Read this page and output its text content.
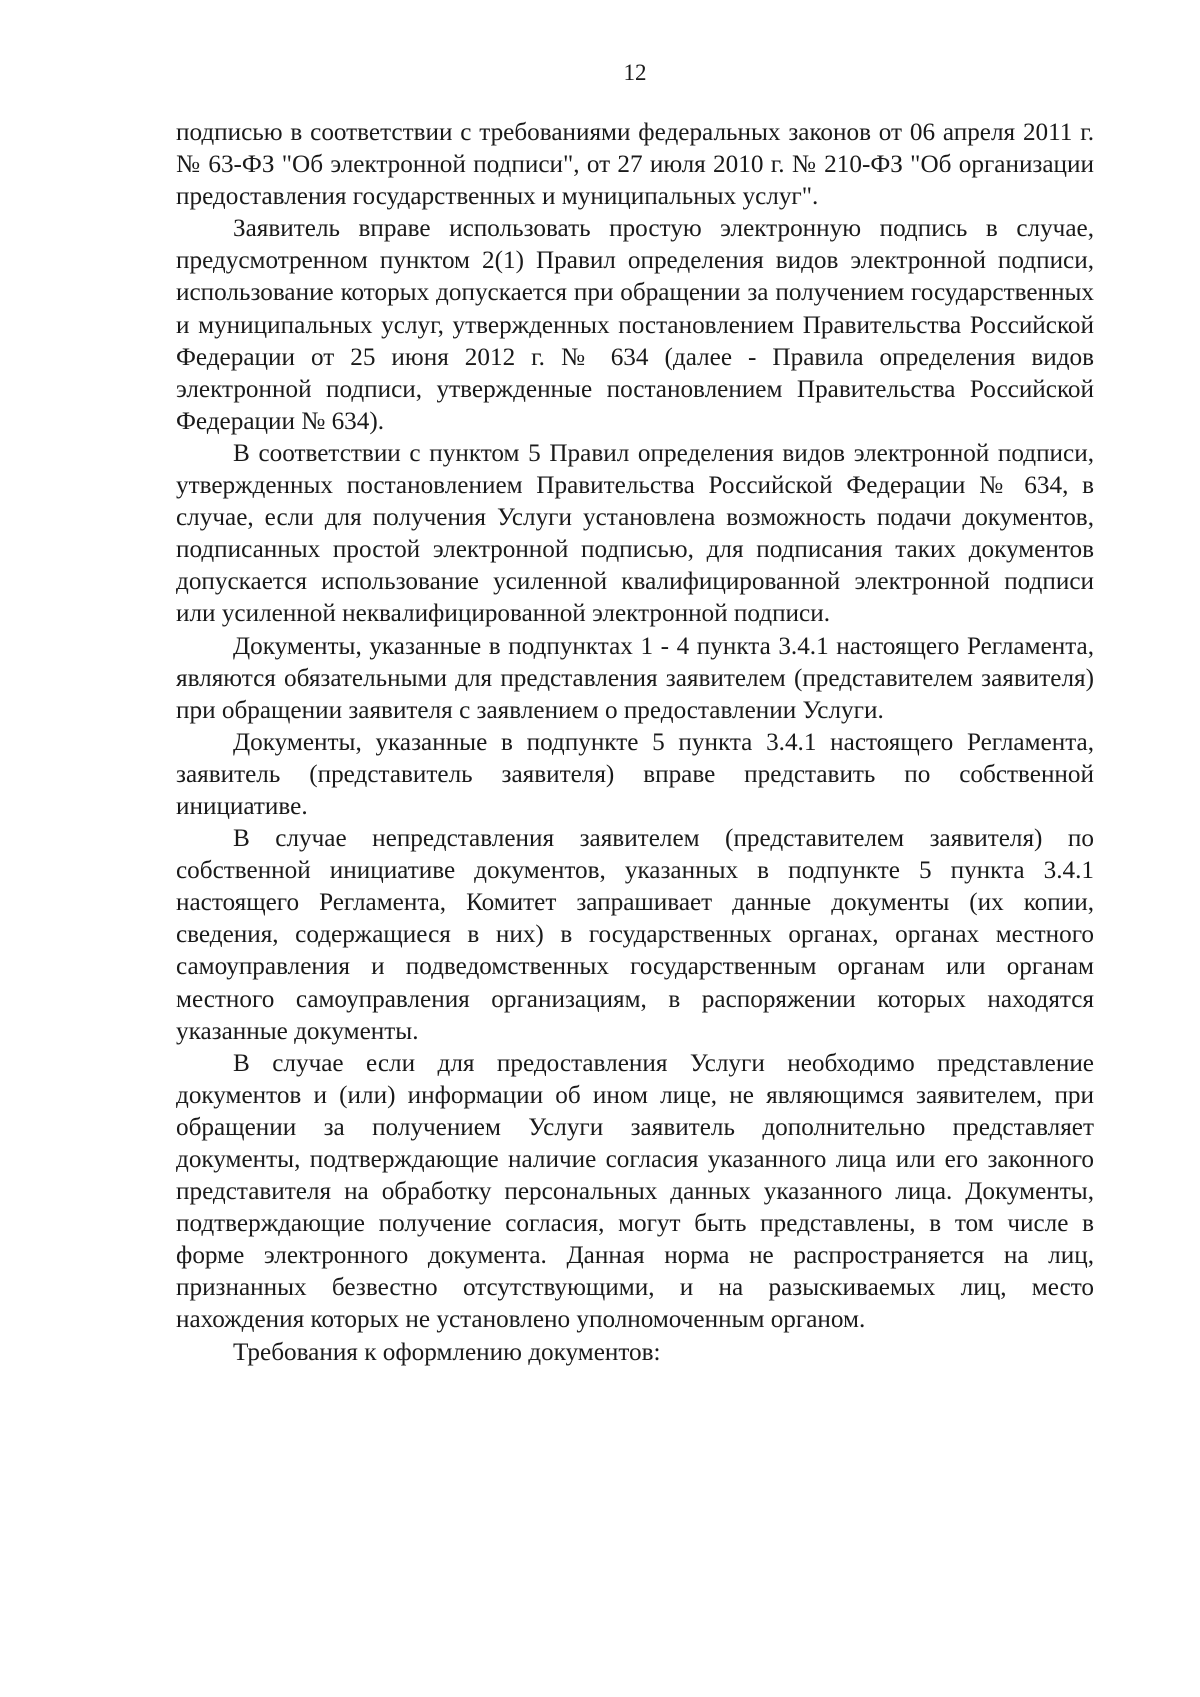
12

подписью в соответствии с требованиями федеральных законов от 06 апреля 2011 г. № 63-ФЗ "Об электронной подписи", от 27 июля 2010 г. № 210-ФЗ "Об организации предоставления государственных и муниципальных услуг".

Заявитель вправе использовать простую электронную подпись в случае, предусмотренном пунктом 2(1) Правил определения видов электронной подписи, использование которых допускается при обращении за получением государственных и муниципальных услуг, утвержденных постановлением Правительства Российской Федерации от 25 июня 2012 г. № 634 (далее - Правила определения видов электронной подписи, утвержденные постановлением Правительства Российской Федерации № 634).

В соответствии с пунктом 5 Правил определения видов электронной подписи, утвержденных постановлением Правительства Российской Федерации № 634, в случае, если для получения Услуги установлена возможность подачи документов, подписанных простой электронной подписью, для подписания таких документов допускается использование усиленной квалифицированной электронной подписи или усиленной неквалифицированной электронной подписи.

Документы, указанные в подпунктах 1 - 4 пункта 3.4.1 настоящего Регламента, являются обязательными для представления заявителем (представителем заявителя) при обращении заявителя с заявлением о предоставлении Услуги.

Документы, указанные в подпункте 5 пункта 3.4.1 настоящего Регламента, заявитель (представитель заявителя) вправе представить по собственной инициативе.

В случае непредставления заявителем (представителем заявителя) по собственной инициативе документов, указанных в подпункте 5 пункта 3.4.1 настоящего Регламента, Комитет запрашивает данные документы (их копии, сведения, содержащиеся в них) в государственных органах, органах местного самоуправления и подведомственных государственным органам или органам местного самоуправления организациям, в распоряжении которых находятся указанные документы.

В случае если для предоставления Услуги необходимо представление документов и (или) информации об ином лице, не являющимся заявителем, при обращении за получением Услуги заявитель дополнительно представляет документы, подтверждающие наличие согласия указанного лица или его законного представителя на обработку персональных данных указанного лица. Документы, подтверждающие получение согласия, могут быть представлены, в том числе в форме электронного документа. Данная норма не распространяется на лиц, признанных безвестно отсутствующими, и на разыскиваемых лиц, место нахождения которых не установлено уполномоченным органом.

Требования к оформлению документов:
